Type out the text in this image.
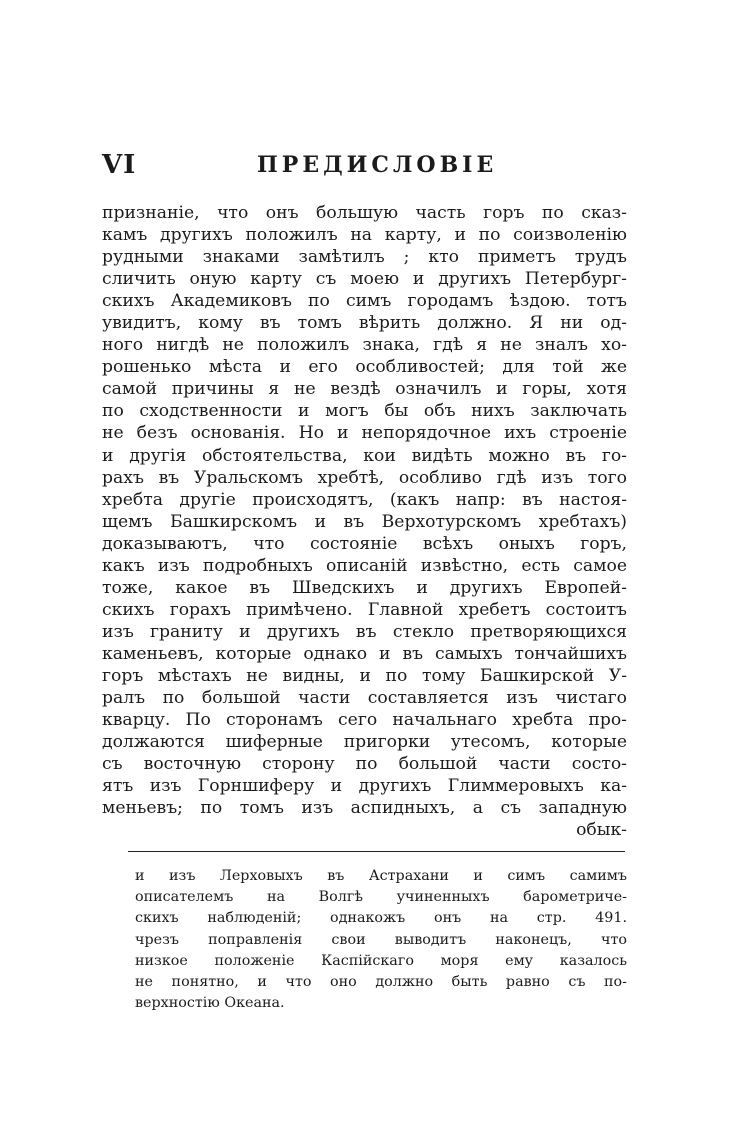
VI	ПРЕДИСЛОВІЕ
признаніе, что онъ большую часть горъ по сказ-
камъ другихъ положилъ на карту, и по соизволенію
рудными знаками замѣтилъ ; кто приметъ трудъ
сличить оную карту съ моею и другихъ Петербург-
скихъ Академиковъ по симъ городамъ ѣздою. тотъ
увидитъ, кому въ томъ вѣрить должно. Я ни од-
ного нигдѣ не положилъ знака, гдѣ я не зналъ хо-
рошенько мѣста и его особливостей; для той же
самой причины я не вездѣ означилъ и горы, хотя
по сходственности и могъ бы объ нихъ заключать
не безъ основанія. Но и непорядочное ихъ строеніе
и другія обстоятельства, кои видѣть можно въ го-
рахъ въ Уральскомъ хребтѣ, особливо гдѣ изъ того
хребта другіе происходятъ, (какъ напр: въ настоя-
щемъ Башкирскомъ и въ Верхотурскомъ хребтахъ)
доказываютъ, что состояніе всѣхъ оныхъ горъ,
какъ изъ подробныхъ описаній извѣстно, есть самое
тоже, какое въ Шведскихъ и другихъ Европей-
скихъ горахъ примѣчено. Главной хребетъ состоитъ
изъ граниту и другихъ въ стекло претворяющихся
каменьевъ, которые однако и въ самыхъ тончайшихъ
горъ мѣстахъ не видны, и по тому Башкирской У-
ралъ по большой части составляется изъ чистаго
кварцу. По сторонамъ сего начальнаго хребта про-
должаются шиферные пригорки утесомъ, которые
съ восточную сторону по большой части состо-
ятъ изъ Горншиферу и другихъ Глиммеровыхъ ка-
меньевъ; по томъ изъ аспидныхъ, а съ западную
обык-
и изъ Лерховыхъ въ Астрахани и симъ самимъ
описателемъ на Волгѣ учиненныхъ барометриче-
скихъ наблюденій; однакожъ онъ на стр. 491.
чрезъ поправленія свои выводитъ наконецъ, что
низкое положеніе Каспійскаго моря ему казалось
не понятно, и что оно должно быть равно съ по-
верхностію Океана.
